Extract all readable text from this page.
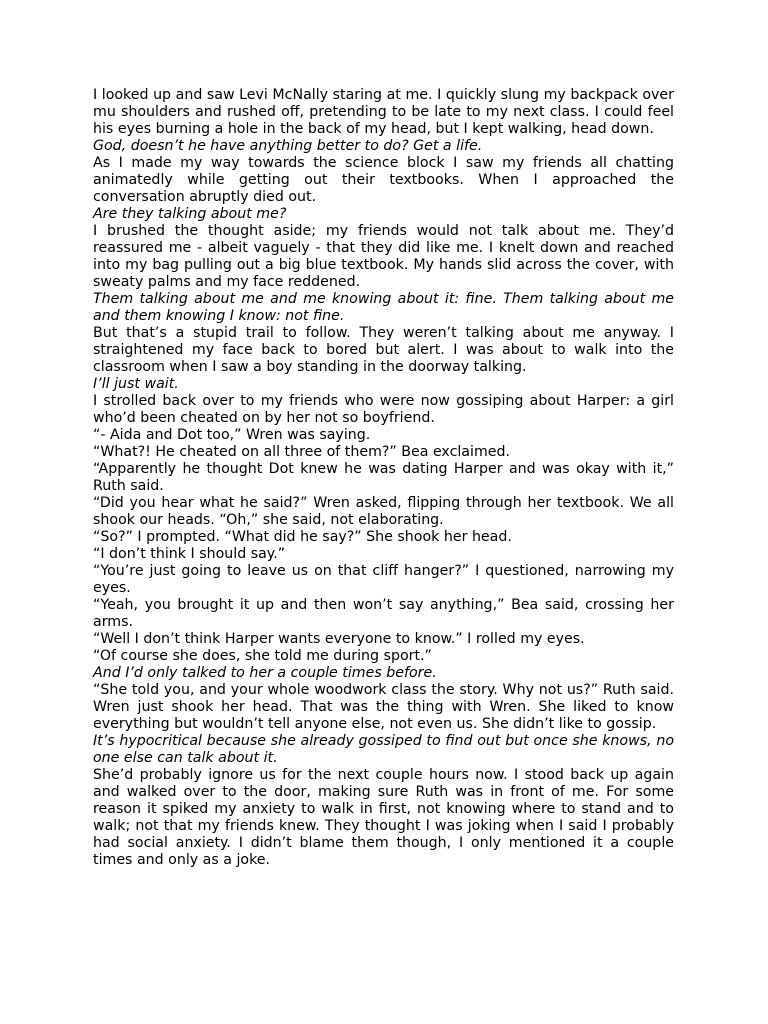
I looked up and saw Levi McNally staring at me. I quickly slung my backpack over mu shoulders and rushed off, pretending to be late to my next class. I could feel his eyes burning a hole in the back of my head, but I kept walking, head down.

God, doesn’t he have anything better to do? Get a life.

As I made my way towards the science block I saw my friends all chatting animatedly while getting out their textbooks. When I approached the conversation abruptly died out.

Are they talking about me?

I brushed the thought aside; my friends would not talk about me. They’d reassured me - albeit vaguely - that they did like me. I knelt down and reached into my bag pulling out a big blue textbook. My hands slid across the cover, with sweaty palms and my face reddened.

Them talking about me and me knowing about it: fine. Them talking about me and them knowing I know: not fine.

But that’s a stupid trail to follow. They weren’t talking about me anyway. I straightened my face back to bored but alert. I was about to walk into the classroom when I saw a boy standing in the doorway talking.

I’ll just wait.

I strolled back over to my friends who were now gossiping about Harper: a girl who’d been cheated on by her not so boyfriend.

“- Aida and Dot too,” Wren was saying.

“What?! He cheated on all three of them?” Bea exclaimed.

“Apparently he thought Dot knew he was dating Harper and was okay with it,” Ruth said.

“Did you hear what he said?” Wren asked, flipping through her textbook. We all shook our heads. “Oh,” she said, not elaborating.

“So?” I prompted. “What did he say?” She shook her head.

“I don’t think I should say.”

“You’re just going to leave us on that cliff hanger?” I questioned, narrowing my eyes.

“Yeah, you brought it up and then won’t say anything,” Bea said, crossing her arms.

“Well I don’t think Harper wants everyone to know.” I rolled my eyes.

“Of course she does, she told me during sport.”

And I’d only talked to her a couple times before.

“She told you, and your whole woodwork class the story. Why not us?” Ruth said. Wren just shook her head. That was the thing with Wren. She liked to know everything but wouldn’t tell anyone else, not even us. She didn’t like to gossip.

It’s hypocritical because she already gossiped to find out but once she knows, no one else can talk about it.

She’d probably ignore us for the next couple hours now. I stood back up again and walked over to the door, making sure Ruth was in front of me. For some reason it spiked my anxiety to walk in first, not knowing where to stand and to walk; not that my friends knew. They thought I was joking when I said I probably had social anxiety. I didn’t blame them though, I only mentioned it a couple times and only as a joke.
